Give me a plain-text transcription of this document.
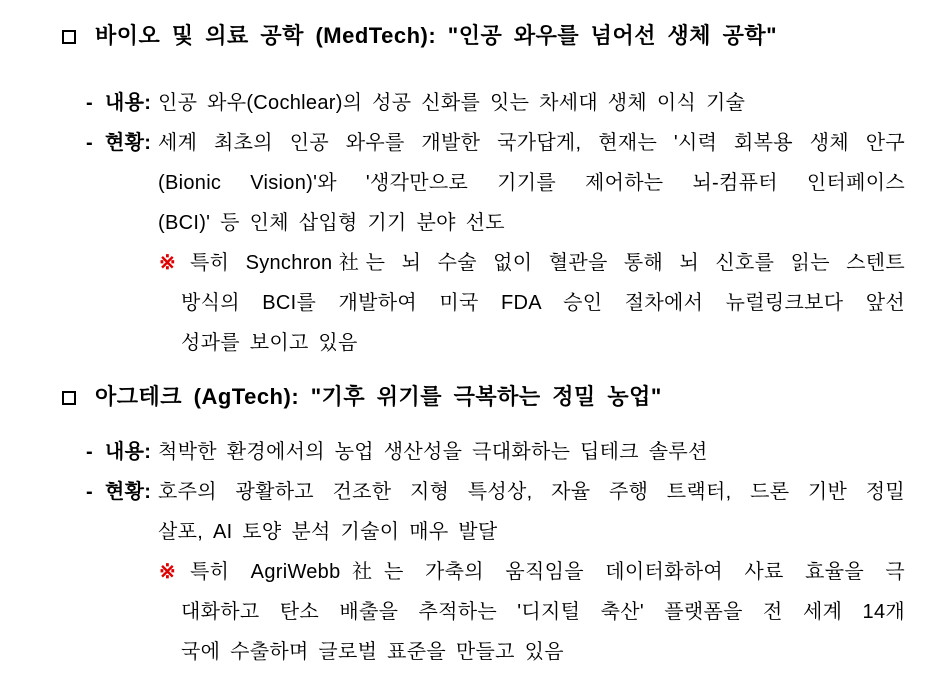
바이오 및 의료 공학 (MedTech): "인공 와우를 넘어선 생체 공학"
- 내용: 인공 와우(Cochlear)의 성공 신화를 잇는 차세대 생체 이식 기술
- 현황: 세계 최초의 인공 와우를 개발한 국가답게, 현재는 '시력 회복용 생체 안구
(Bionic Vision)'와 '생각만으로 기기를 제어하는 뇌-컴퓨터 인터페이스
(BCI)' 등 인체 삽입형 기기 분야 선도
※ 특히 Synchron社는 뇌 수술 없이 혈관을 통해 뇌 신호를 읽는 스텐트
방식의 BCI를 개발하여 미국 FDA 승인 절차에서 뉴럴링크보다 앞선
성과를 보이고 있음
아그테크 (AgTech): "기후 위기를 극복하는 정밀 농업"
- 내용: 척박한 환경에서의 농업 생산성을 극대화하는 딥테크 솔루션
- 현황: 호주의 광활하고 건조한 지형 특성상, 자율 주행 트랙터, 드론 기반 정밀
살포, AI 토양 분석 기술이 매우 발달
※ 특히 AgriWebb社는 가축의 움직임을 데이터화하여 사료 효율을 극
대화하고 탄소 배출을 추적하는 '디지털 축산' 플랫폼을 전 세계 14개
국에 수출하며 글로벌 표준을 만들고 있음
